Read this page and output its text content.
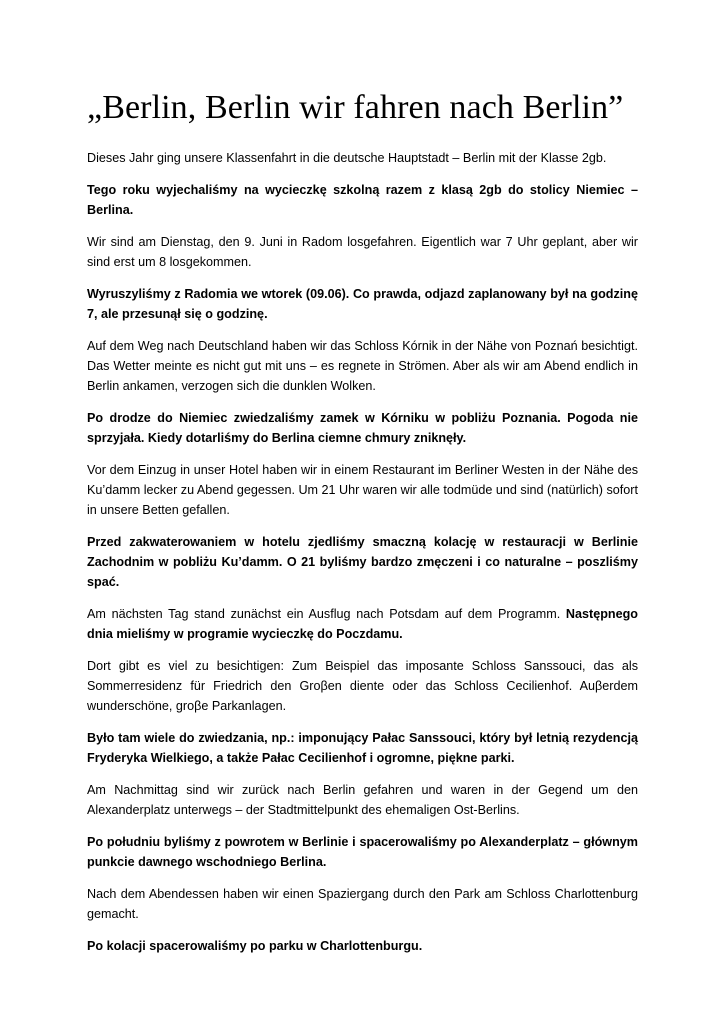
„Berlin, Berlin wir fahren nach Berlin”

Dieses Jahr ging unsere Klassenfahrt in die deutsche Hauptstadt – Berlin mit der Klasse 2gb.

Tego roku wyjechaliśmy na wycieczkę szkolną razem z klasą 2gb do stolicy Niemiec – Berlina.

Wir sind am Dienstag, den 9. Juni in Radom losgefahren. Eigentlich war 7 Uhr geplant, aber wir sind erst um 8 losgekommen.

Wyruszyliśmy z Radomia we wtorek (09.06). Co prawda, odjazd zaplanowany był na godzinę 7, ale przesunął się o godzinę.

Auf dem Weg nach Deutschland haben wir das Schloss Kórnik in der Nähe von Poznań besichtigt. Das Wetter meinte es nicht gut mit uns – es regnete in Strömen. Aber als wir am Abend endlich in Berlin ankamen, verzogen sich die dunklen Wolken.

Po drodze do Niemiec zwiedzaliśmy zamek w Kórniku w pobliżu Poznania. Pogoda nie sprzyjała. Kiedy dotarliśmy do Berlina ciemne chmury zniknęły.

Vor dem Einzug in unser Hotel haben wir in einem Restaurant im Berliner Westen in der Nähe des Ku’damm lecker zu Abend gegessen. Um 21 Uhr waren wir alle todmüde und sind (natürlich) sofort in unsere Betten gefallen.

Przed zakwaterowaniem w hotelu zjedliśmy smaczną kolację w restauracji w Berlinie Zachodnim w pobliżu Ku’damm. O 21 byliśmy bardzo zmęczeni i co naturalne – poszliśmy spać.

Am nächsten Tag stand zunächst ein Ausflug nach Potsdam auf dem Programm. Następnego dnia mieliśmy w programie wycieczkę do Poczdamu.

Dort gibt es viel zu besichtigen: Zum Beispiel das imposante Schloss Sanssouci, das als Sommerresidenz für Friedrich den Groβen diente oder das Schloss Cecilienhof. Auβerdem wunderschöne, groβe Parkanlagen.

Było tam wiele do zwiedzania, np.: imponujący Pałac Sanssouci, który był letnią rezydencją Fryderyka Wielkiego, a także Pałac Cecilienhof i ogromne, piękne parki.

Am Nachmittag sind wir zurück nach Berlin gefahren und waren in der Gegend um den Alexanderplatz unterwegs – der Stadtmittelpunkt des ehemaligen Ost-Berlins.

Po południu byliśmy z powrotem w Berlinie i spacerowaliśmy po Alexanderplatz – głównym punkcie dawnego wschodniego Berlina.

Nach dem Abendessen haben wir einen Spaziergang durch den Park am Schloss Charlottenburg gemacht.

Po kolacji spacerowaliśmy po parku w Charlottenburgu.
